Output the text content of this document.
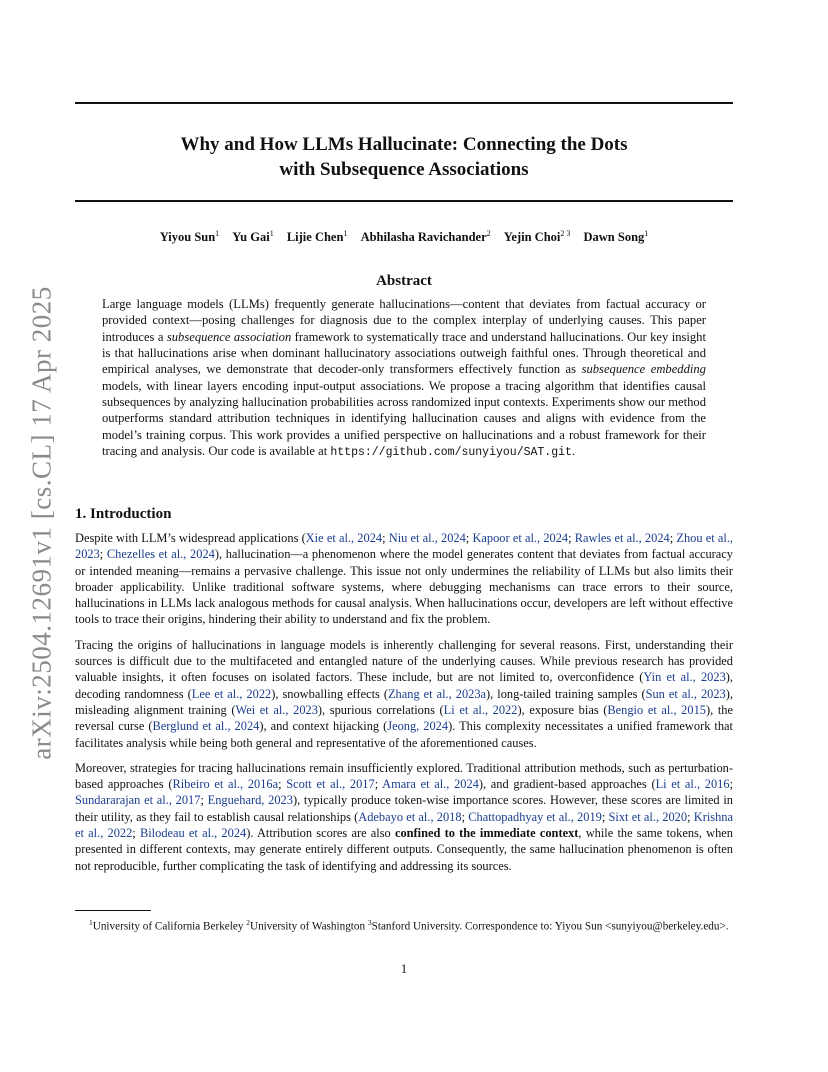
arXiv:2504.12691v1 [cs.CL] 17 Apr 2025
Why and How LLMs Hallucinate: Connecting the Dots
with Subsequence Associations
Yiyou Sun$^1$ Yu Gai$^1$ Lijie Chen$^1$ Abhilasha Ravichander$^2$ Yejin Choi$^{2 3}$ Dawn Song$^1$
Abstract

Large language models (LLMs) frequently generate hallucinations—content that deviates from factual accuracy or provided context—posing challenges for diagnosis due to the complex interplay of underlying causes. This paper introduces a subsequence association framework to systematically trace and understand hallucinations. Our key insight is that hallucinations arise when dominant hallucinatory associations outweigh faithful ones. Through theoretical and empirical analyses, we demonstrate that decoder-only transformers effectively function as subsequence embedding models, with linear layers encoding input-output associations. We propose a tracing algorithm that identifies causal subsequences by analyzing hallucination probabilities across randomized input contexts. Experiments show our method outperforms standard attribution techniques in identifying hallucination causes and aligns with evidence from the model’s training corpus. This work provides a unified perspective on hallucinations and a robust framework for their tracing and analysis. Our code is available at https://github.com/sunyiyou/SAT.git.

1. Introduction

Despite with LLM’s widespread applications (Xie et al., 2024; Niu et al., 2024; Kapoor et al., 2024; Rawles et al., 2024; Zhou et al., 2023; Chezelles et al., 2024), hallucination—a phenomenon where the model generates content that deviates from factual accuracy or intended meaning—remains a pervasive challenge. This issue not only undermines the reliability of LLMs but also limits their broader applicability. Unlike traditional software systems, where debugging mechanisms can trace errors to their source, hallucinations in LLMs lack analogous methods for causal analysis. When hallucinations occur, developers are left without effective tools to trace their origins, hindering their ability to understand and fix the problem.

Tracing the origins of hallucinations in language models is inherently challenging for several reasons. First, understanding their sources is difficult due to the multifaceted and entangled nature of the underlying causes. While previous research has provided valuable insights, it often focuses on isolated factors. These include, but are not limited to, overconfidence (Yin et al., 2023), decoding randomness (Lee et al., 2022), snowballing effects (Zhang et al., 2023a), long-tailed training samples (Sun et al., 2023), misleading alignment training (Wei et al., 2023), spurious correlations (Li et al., 2022), exposure bias (Bengio et al., 2015), the reversal curse (Berglund et al., 2024), and context hijacking (Jeong, 2024). This complexity necessitates a unified framework that facilitates analysis while being both general and representative of the aforementioned causes.

Moreover, strategies for tracing hallucinations remain insufficiently explored. Traditional attribution methods, such as perturbation-based approaches (Ribeiro et al., 2016a; Scott et al., 2017; Amara et al., 2024), and gradient-based approaches (Li et al., 2016; Sundararajan et al., 2017; Enguehard, 2023), typically produce token-wise importance scores. However, these scores are limited in their utility, as they fail to establish causal relationships (Adebayo et al., 2018; Chattopadhyay et al., 2019; Sixt et al., 2020; Krishna et al., 2022; Bilodeau et al., 2024). Attribution scores are also confined to the immediate context, while the same tokens, when presented in different contexts, may generate entirely different outputs. Consequently, the same hallucination phenomenon is often not reproducible, further complicating the task of identifying and addressing its sources.

$^1$University of California Berkeley $^2$University of Washington $^3$Stanford University. Correspondence to: Yiyou Sun <sunyiyou@berkeley.edu>.

1
